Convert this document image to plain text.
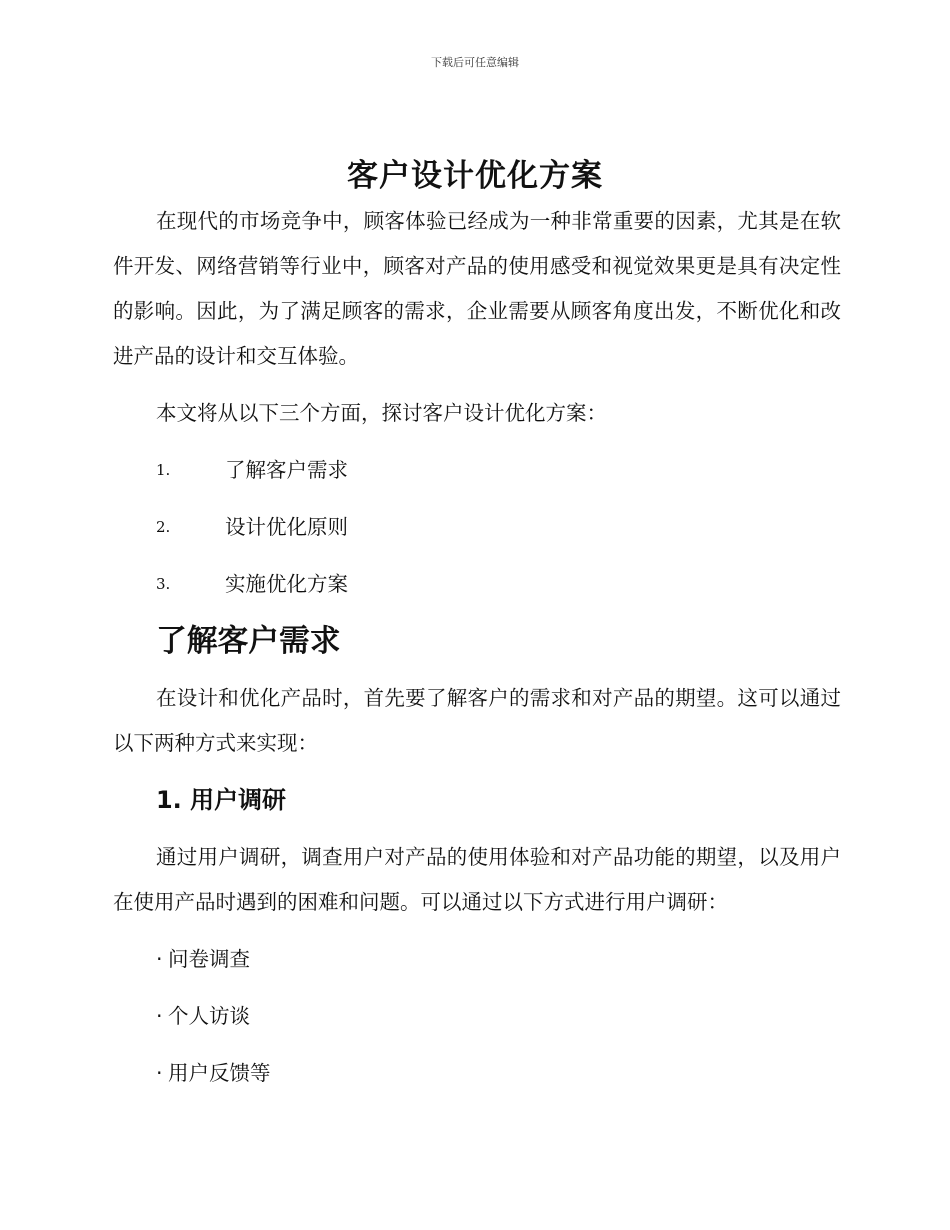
下载后可任意编辑
客户设计优化方案

在现代的市场竞争中，顾客体验已经成为一种非常重要的因素，尤其是在软件开发、网络营销等行业中，顾客对产品的使用感受和视觉效果更是具有决定性的影响。因此，为了满足顾客的需求，企业需要从顾客角度出发，不断优化和改进产品的设计和交互体验。

本文将从以下三个方面，探讨客户设计优化方案：

1.	了解客户需求
2.	设计优化原则
3.	实施优化方案
了解客户需求

在设计和优化产品时，首先要了解客户的需求和对产品的期望。这可以通过以下两种方式来实现：

1. 用户调研

通过用户调研，调查用户对产品的使用体验和对产品功能的期望，以及用户在使用产品时遇到的困难和问题。可以通过以下方式进行用户调研：

· 问卷调查
· 个人访谈
· 用户反馈等
